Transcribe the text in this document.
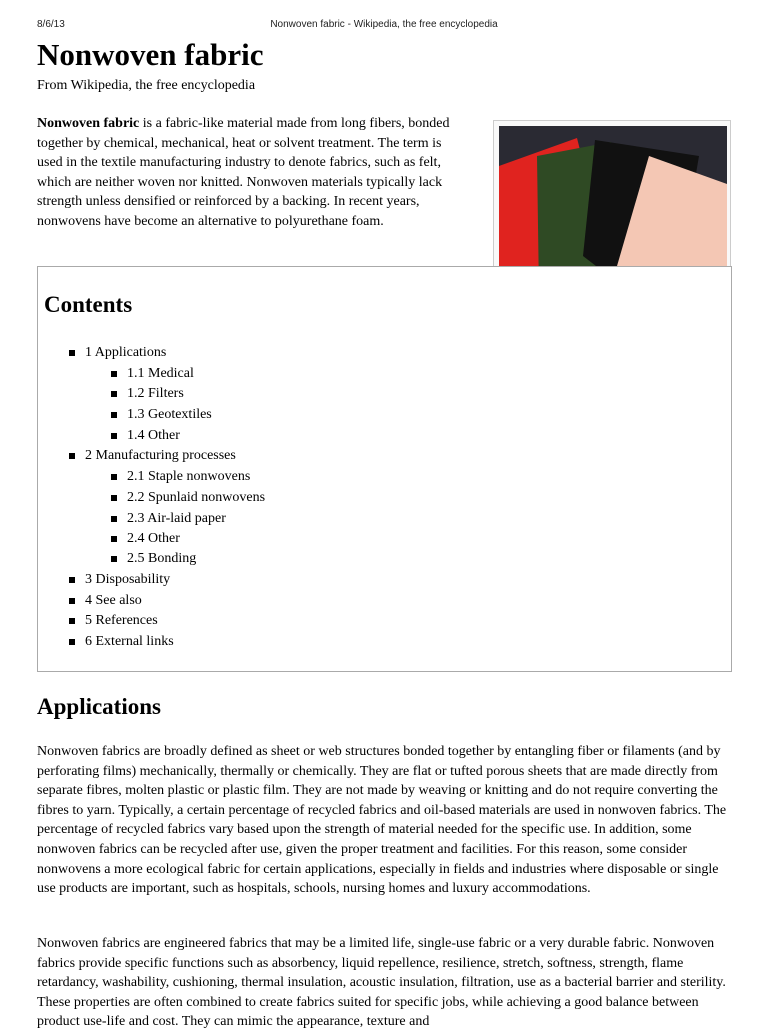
8/6/13	Nonwoven fabric - Wikipedia, the free encyclopedia
Nonwoven fabric
From Wikipedia, the free encyclopedia

Nonwoven fabric is a fabric-like material made from long fibers, bonded together by chemical, mechanical, heat or solvent treatment. The term is used in the textile manufacturing industry to denote fabrics, such as felt, which are neither woven nor knitted. Nonwoven materials typically lack strength unless densified or reinforced by a backing. In recent years, nonwovens have become an alternative to polyurethane foam.

Contents
1 Applications
1.1 Medical
1.2 Filters
1.3 Geotextiles
1.4 Other
2 Manufacturing processes
2.1 Staple nonwovens
2.2 Spunlaid nonwovens
2.3 Air-laid paper
2.4 Other
2.5 Bonding
3 Disposability
4 See also
5 References
6 External links
Applications

Nonwoven fabrics are broadly defined as sheet or web structures bonded together by entangling fiber or filaments (and by perforating films) mechanically, thermally or chemically. They are flat or tufted porous sheets that are made directly from separate fibres, molten plastic or plastic film. They are not made by weaving or knitting and do not require converting the fibres to yarn. Typically, a certain percentage of recycled fabrics and oil-based materials are used in nonwoven fabrics. The percentage of recycled fabrics vary based upon the strength of material needed for the specific use. In addition, some nonwoven fabrics can be recycled after use, given the proper treatment and facilities. For this reason, some consider nonwovens a more ecological fabric for certain applications, especially in fields and industries where disposable or single use products are important, such as hospitals, schools, nursing homes and luxury accommodations.

Nonwoven fabrics are engineered fabrics that may be a limited life, single-use fabric or a very durable fabric. Nonwoven fabrics provide specific functions such as absorbency, liquid repellence, resilience, stretch, softness, strength, flame retardancy, washability, cushioning, thermal insulation, acoustic insulation, filtration, use as a bacterial barrier and sterility. These properties are often combined to create fabrics suited for specific jobs, while achieving a good balance between product use-life and cost. They can mimic the appearance, texture and
